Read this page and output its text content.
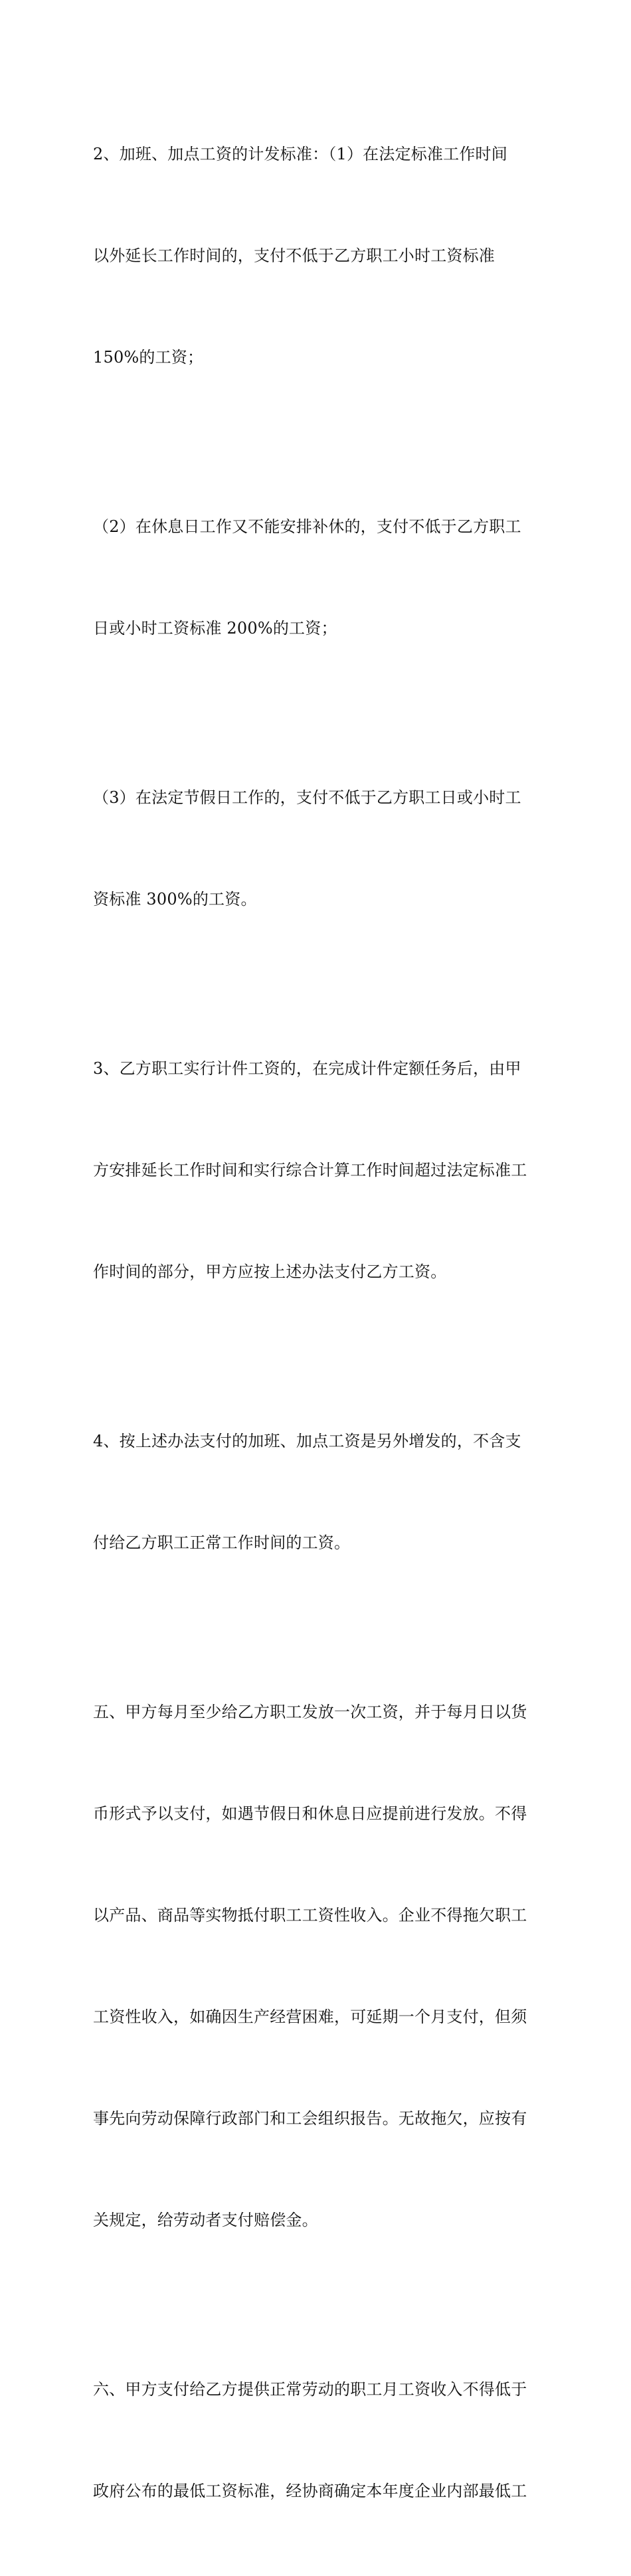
2、加班、加点工资的计发标准：（1）在法定标准工作时间

以外延长工作时间的，支付不低于乙方职工小时工资标准

150%的工资；

（2）在休息日工作又不能安排补休的，支付不低于乙方职工

日或小时工资标准 200%的工资；

（3）在法定节假日工作的，支付不低于乙方职工日或小时工

资标准 300%的工资。

3、乙方职工实行计件工资的，在完成计件定额任务后，由甲

方安排延长工作时间和实行综合计算工作时间超过法定标准工

作时间的部分，甲方应按上述办法支付乙方工资。

4、按上述办法支付的加班、加点工资是另外增发的，不含支

付给乙方职工正常工作时间的工资。

五、甲方每月至少给乙方职工发放一次工资，并于每月日以货

币形式予以支付，如遇节假日和休息日应提前进行发放。不得

以产品、商品等实物抵付职工工资性收入。企业不得拖欠职工

工资性收入，如确因生产经营困难，可延期一个月支付，但须

事先向劳动保障行政部门和工会组织报告。无故拖欠，应按有

关规定，给劳动者支付赔偿金。

六、甲方支付给乙方提供正常劳动的职工月工资收入不得低于

政府公布的最低工资标准，经协商确定本年度企业内部最低工
